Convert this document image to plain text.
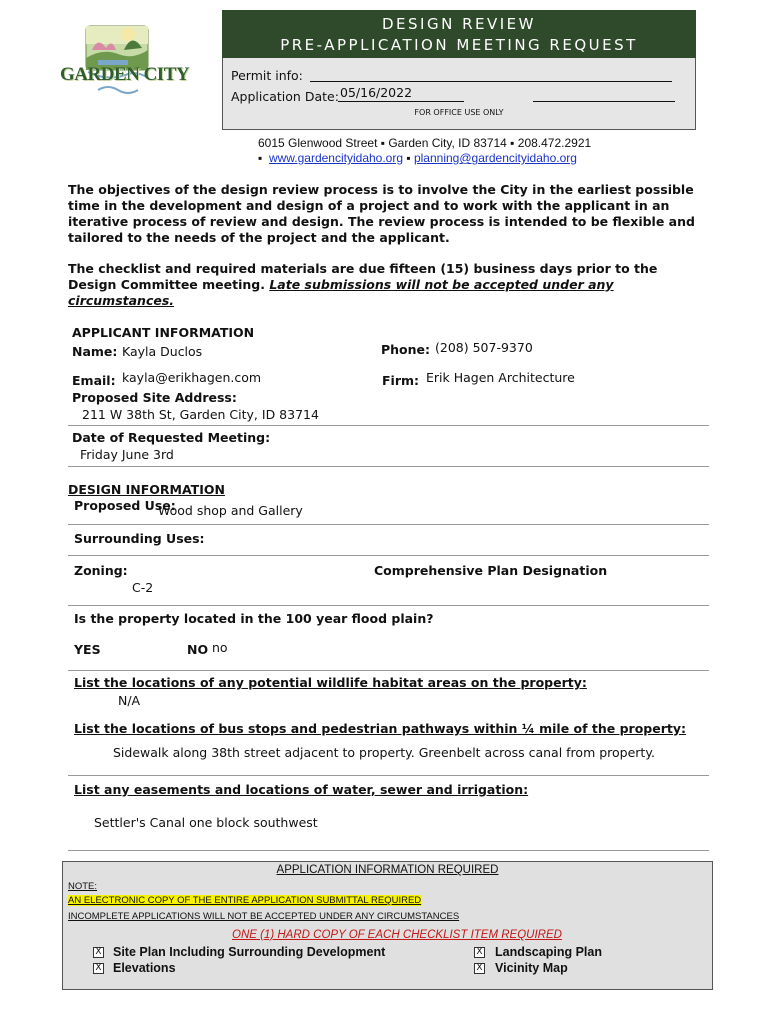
GARDEN CITY
DESIGN REVIEW
PRE-APPLICATION MEETING REQUEST
Permit info:
Application Date: 05/16/2022
FOR OFFICE USE ONLY
6015 Glenwood Street ▪ Garden City, ID 83714 ▪ 208.472.2921
▪ www.gardencityidaho.org ▪ planning@gardencityidaho.org
The objectives of the design review process is to involve the City in the earliest possible time in the development and design of a project and to work with the applicant in an iterative process of review and design. The review process is intended to be flexible and tailored to the needs of the project and the applicant.
The checklist and required materials are due fifteen (15) business days prior to the Design Committee meeting. Late submissions will not be accepted under any circumstances.
APPLICANT INFORMATION
Name: Kayla Duclos	Phone: (208) 507-9370
Email: kayla@erikhagen.com	Firm: Erik Hagen Architecture
Proposed Site Address:
211 W 38th St, Garden City, ID 83714
Date of Requested Meeting:
Friday June 3rd
DESIGN INFORMATION
Proposed Use:
Wood shop and Gallery
Surrounding Uses:
Zoning:	Comprehensive Plan Designation
C-2
Is the property located in the 100 year flood plain?
YES	NO no
List the locations of any potential wildlife habitat areas on the property:
N/A
List the locations of bus stops and pedestrian pathways within ¼ mile of the property:
Sidewalk along 38th street adjacent to property. Greenbelt across canal from property.
List any easements and locations of water, sewer and irrigation:
Settler's Canal one block southwest
APPLICATION INFORMATION REQUIRED
NOTE:
AN ELECTRONIC COPY OF THE ENTIRE APPLICATION SUBMITTAL REQUIRED
INCOMPLETE APPLICATIONS WILL NOT BE ACCEPTED UNDER ANY CIRCUMSTANCES
ONE (1) HARD COPY OF EACH CHECKLIST ITEM REQUIRED
X Site Plan Including Surrounding Development
X Elevations
X Landscaping Plan
X Vicinity Map
